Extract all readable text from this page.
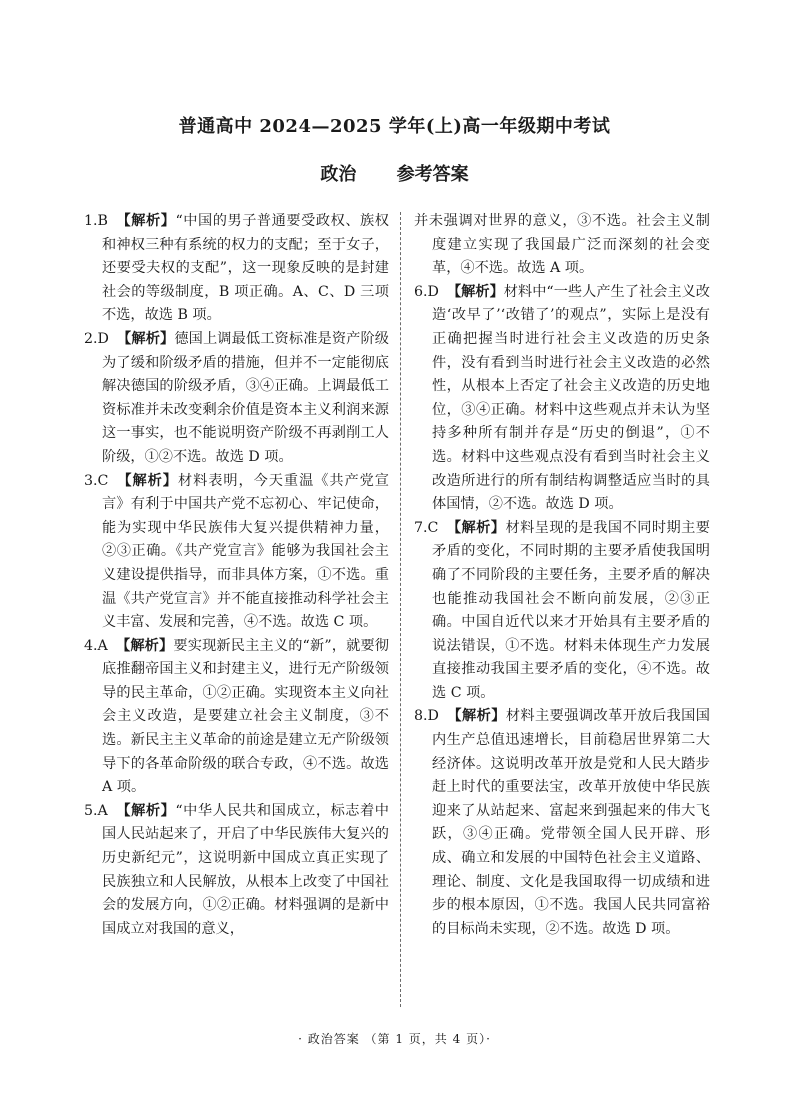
普通高中 2024—2025 学年(上)高一年级期中考试
政治 参考答案
1.B 【解析】“中国的男子普通要受政权、族权和神权三种有系统的权力的支配；至于女子，还要受夫权的支配”，这一现象反映的是封建社会的等级制度，B 项正确。A、C、D 三项不选，故选 B 项。
2.D 【解析】德国上调最低工资标准是资产阶级为了缓和阶级矛盾的措施，但并不一定能彻底解决德国的阶级矛盾，③④正确。上调最低工资标准并未改变剩余价值是资本主义利润来源这一事实，也不能说明资产阶级不再剥削工人阶级，①②不选。故选 D 项。
3.C 【解析】材料表明，今天重温《共产党宣言》有利于中国共产党不忘初心、牢记使命，能为实现中华民族伟大复兴提供精神力量，②③正确。《共产党宣言》能够为我国社会主义建设提供指导，而非具体方案，①不选。重温《共产党宣言》并不能直接推动科学社会主义丰富、发展和完善，④不选。故选 C 项。
4.A 【解析】要实现新民主主义的“新”，就要彻底推翻帝国主义和封建主义，进行无产阶级领导的民主革命，①②正确。实现资本主义向社会主义改造，是要建立社会主义制度，③不选。新民主主义革命的前途是建立无产阶级领导下的各革命阶级的联合专政，④不选。故选 A 项。
5.A 【解析】“中华人民共和国成立，标志着中国人民站起来了，开启了中华民族伟大复兴的历史新纪元”，这说明新中国成立真正实现了民族独立和人民解放，从根本上改变了中国社会的发展方向，①②正确。材料强调的是新中国成立对我国的意义，
并未强调对世界的意义，③不选。社会主义制度建立实现了我国最广泛而深刻的社会变革，④不选。故选 A 项。
6.D 【解析】材料中“一些人产生了社会主义改造‘改早了’‘改错了’的观点”，实际上是没有正确把握当时进行社会主义改造的历史条件，没有看到当时进行社会主义改造的必然性，从根本上否定了社会主义改造的历史地位，③④正确。材料中这些观点并未认为坚持多种所有制并存是“历史的倒退”，①不选。材料中这些观点没有看到当时社会主义改造所进行的所有制结构调整适应当时的具体国情，②不选。故选 D 项。
7.C 【解析】材料呈现的是我国不同时期主要矛盾的变化，不同时期的主要矛盾使我国明确了不同阶段的主要任务，主要矛盾的解决也能推动我国社会不断向前发展，②③正确。中国自近代以来才开始具有主要矛盾的说法错误，①不选。材料未体现生产力发展直接推动我国主要矛盾的变化，④不选。故选 C 项。
8.D 【解析】材料主要强调改革开放后我国国内生产总值迅速增长，目前稳居世界第二大经济体。这说明改革开放是党和人民大踏步赶上时代的重要法宝，改革开放使中华民族迎来了从站起来、富起来到强起来的伟大飞跃，③④正确。党带领全国人民开辟、形成、确立和发展的中国特色社会主义道路、理论、制度、文化是我国取得一切成绩和进步的根本原因，①不选。我国人民共同富裕的目标尚未实现，②不选。故选 D 项。
· 政治答案 （第 1 页，共 4 页）·
